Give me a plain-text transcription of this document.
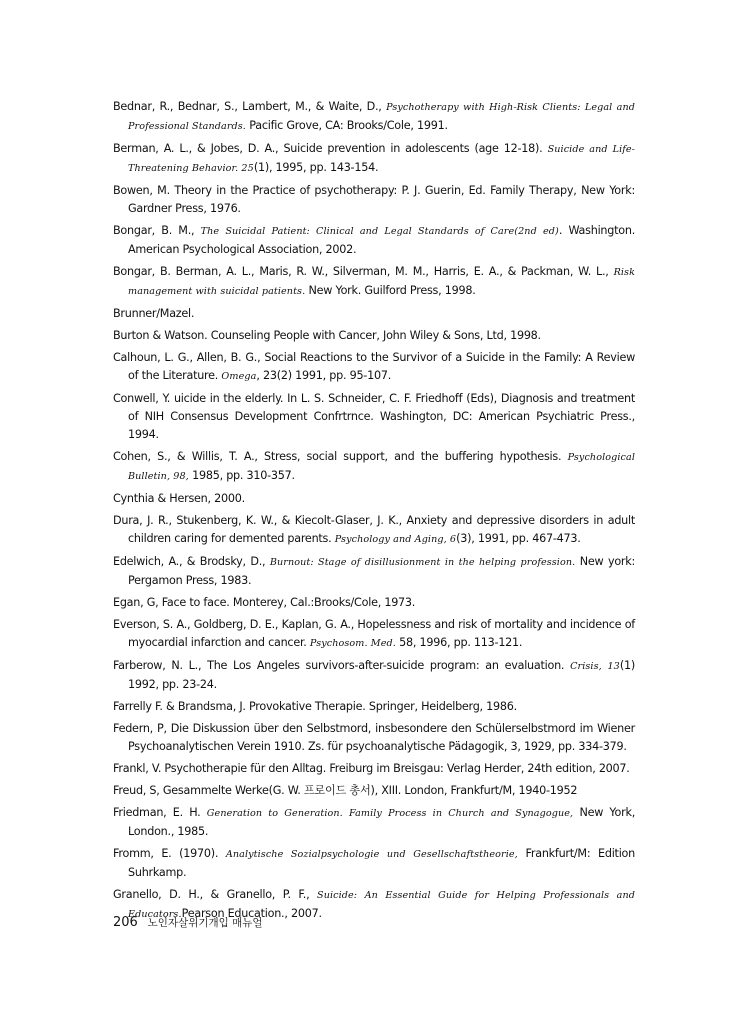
Bednar, R., Bednar, S., Lambert, M., & Waite, D., Psychotherapy with High-Risk Clients: Legal and Professional Standards. Pacific Grove, CA: Brooks/Cole, 1991.

Berman, A. L., & Jobes, D. A., Suicide prevention in adolescents (age 12-18). Suicide and Life-Threatening Behavior. 25(1), 1995, pp. 143-154.

Bowen, M. Theory in the Practice of psychotherapy: P. J. Guerin, Ed. Family Therapy, New York: Gardner Press, 1976.

Bongar, B. M., The Suicidal Patient: Clinical and Legal Standards of Care(2nd ed). Washington. American Psychological Association, 2002.

Bongar, B. Berman, A. L., Maris, R. W., Silverman, M. M., Harris, E. A., & Packman, W. L., Risk management with suicidal patients. New York. Guilford Press, 1998.

Brunner/Mazel.

Burton & Watson. Counseling People with Cancer, John Wiley & Sons, Ltd, 1998.

Calhoun, L. G., Allen, B. G., Social Reactions to the Survivor of a Suicide in the Family: A Review of the Literature. Omega, 23(2) 1991, pp. 95-107.

Conwell, Y. uicide in the elderly. In L. S. Schneider, C. F. Friedhoff (Eds), Diagnosis and treatment of NIH Consensus Development Confrtrnce. Washington, DC: American Psychiatric Press., 1994.

Cohen, S., & Willis, T. A., Stress, social support, and the buffering hypothesis. Psychological Bulletin, 98, 1985, pp. 310-357.

Cynthia & Hersen, 2000.

Dura, J. R., Stukenberg, K. W., & Kiecolt-Glaser, J. K., Anxiety and depressive disorders in adult children caring for demented parents. Psychology and Aging, 6(3), 1991, pp. 467-473.

Edelwich, A., & Brodsky, D., Burnout: Stage of disillusionment in the helping profession. New york: Pergamon Press, 1983.

Egan, G, Face to face. Monterey, Cal.:Brooks/Cole, 1973.

Everson, S. A., Goldberg, D. E., Kaplan, G. A., Hopelessness and risk of mortality and incidence of myocardial infarction and cancer. Psychosom. Med. 58, 1996, pp. 113-121.

Farberow, N. L., The Los Angeles survivors-after-suicide program: an evaluation. Crisis, 13(1) 1992, pp. 23-24.

Farrelly F. & Brandsma, J. Provokative Therapie. Springer, Heidelberg, 1986.

Federn, P, Die Diskussion über den Selbstmord, insbesondere den Schülerselbstmord im Wiener Psychoanalytischen Verein 1910. Zs. für psychoanalytische Pädagogik, 3, 1929, pp. 334-379.

Frankl, V. Psychotherapie für den Alltag. Freiburg im Breisgau: Verlag Herder, 24th edition, 2007.

Freud, S, Gesammelte Werke(G. W. 프로이드 총서), XIII. London, Frankfurt/M, 1940-1952

Friedman, E. H. Generation to Generation. Family Process in Church and Synagogue, New York, London., 1985.

Fromm, E. (1970). Analytische Sozialpsychologie und Gesellschaftstheorie, Frankfurt/M: Edition Suhrkamp.

Granello, D. H., & Granello, P. F., Suicide: An Essential Guide for Helping Professionals and Educators.Pearson Education., 2007.

206 노인자살위기개입 매뉴얼
